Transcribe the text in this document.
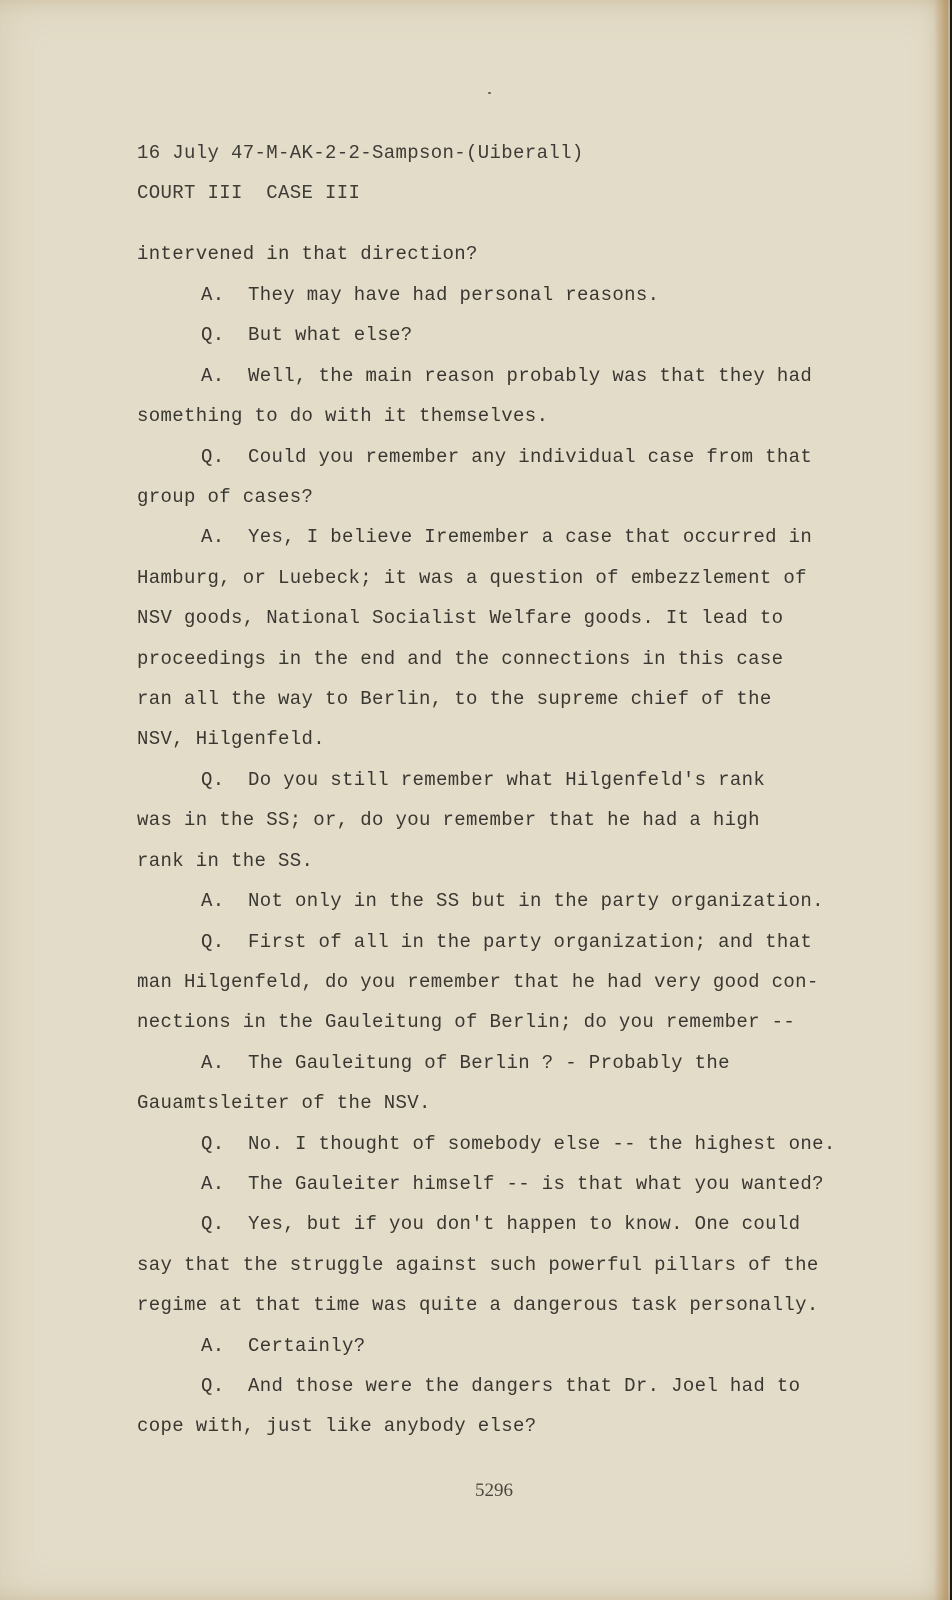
16 July 47-M-AK-2-2-Sampson-(Uiberall)
COURT III  CASE III
intervened in that direction?
A.  They may have had personal reasons.
Q.  But what else?
A.  Well, the main reason probably was that they had
something to do with it themselves.
Q.  Could you remember any individual case from that
group of cases?
A.  Yes, I believe Iremember a case that occurred in
Hamburg, or Luebeck; it was a question of embezzlement of
NSV goods, National Socialist Welfare goods. It lead to
proceedings in the end and the connections in this case
ran all the way to Berlin, to the supreme chief of the
NSV, Hilgenfeld.
Q.  Do you still remember what Hilgenfeld's rank
was in the SS; or, do you remember that he had a high
rank in the SS.
A.  Not only in the SS but in the party organization.
Q.  First of all in the party organization; and that
man Hilgenfeld, do you remember that he had very good con-
nections in the Gauleitung of Berlin; do you remember --
A.  The Gauleitung of Berlin ? - Probably the
Gauamtsleiter of the NSV.
Q.  No. I thought of somebody else -- the highest one.
A.  The Gauleiter himself -- is that what you wanted?
Q.  Yes, but if you don't happen to know. One could
say that the struggle against such powerful pillars of the
regime at that time was quite a dangerous task personally.
A.  Certainly?
Q.  And those were the dangers that Dr. Joel had to
cope with, just like anybody else?
5296
